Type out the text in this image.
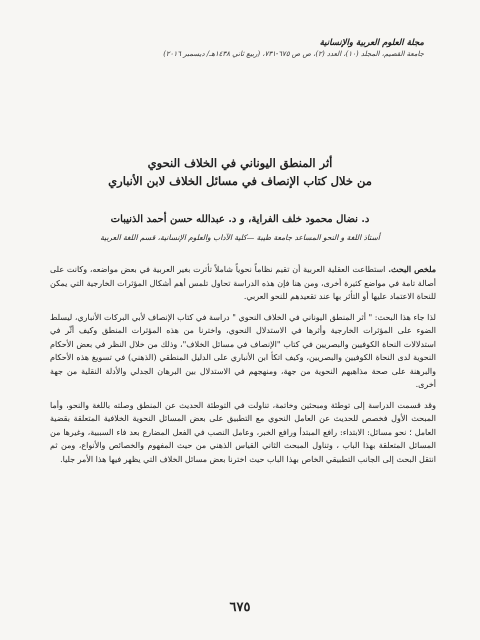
مجلة العلوم العربية والإنسانية
جامعة القصيم، المجلد (١٠)، العدد (٢)، ص ص ٦٧٥-٧٣١، (ربيع ثاني ١٤٣٨هـ/ ديسمبر ٢٠١٦)
أثر المنطق اليوناني في الخلاف النحوي
من خلال كتاب الإنصاف في مسائل الخلاف لابن الأنباري
د. نضال محمود خلف الفراية، و د. عبدالله حسن أحمد الذنيبات
أستاذ اللغة و النحو المساعد جامعة طيبة —كلية الآداب والعلوم الإنسانية، قسم اللغة العربية

ملخص البحث. استطاعت العقلية العربية أن تقيم نظاماً نحوياً شاملاً تأثرت بغير العربية في بعض مواضعه، وكانت على أصالة تامة في مواضع كثيرة أخرى، ومن هنا فإن هذه الدراسة تحاول تلمس أهم أشكال المؤثرات الخارجية التي يمكن للنحاة الاعتماد عليها أو التأثر بها عند تقعيدهم للنحو العربي.

لذا جاء هذا البحث: " أثر المنطق اليوناني في الخلاف النحوي " دراسة في كتاب الإنصاف لأبي البركات الأنباري، ليسلط الضوء على المؤثرات الخارجية وأثرها في الاستدلال النحوي، واخترنا من هذه المؤثرات المنطق وكيف أثّر في استدلالات النحاة الكوفيين والبصريين في كتاب "الإنصاف في مسائل الخلاف"، وذلك من خلال النظر في بعض الأحكام النحوية لدى النحاة الكوفيين والبصريين، وكيف اتكأ ابن الأنباري على الدليل المنطقي (الذهني) في تسويغ هذه الأحكام والبرهنة على صحة مذاهبهم النحوية من جهة، ومنهجهم في الاستدلال بين البرهان الجدلي والأدلة النقلية من جهة أخرى.

وقد قسمت الدراسة إلى توطئة ومبحثين وخاتمة، تناولت في التوطئة الحديث عن المنطق وصلته باللغة والنحو، وأما المبحث الأول فخصص للحديث عن العامل النحوي مع التطبيق على بعض المسائل النحوية الخلافية المتعلقة بقضية العامل ؛ نحو مسائل: الابتداء: رافع المبتدأ ورافع الخبر، وعامل النصب في الفعل المضارع بعد فاء السببية، وغيرها من المسائل المتعلقة بهذا الباب ، وتناول المبحث الثاني القياس الذهني من حيث المفهوم والخصائص والأنواع، ومن ثم انتقل البحث إلى الجانب التطبيقي الخاص بهذا الباب حيث اخترنا بعض مسائل الخلاف التي يظهر فيها هذا الأمر جليا.

٦٧٥
